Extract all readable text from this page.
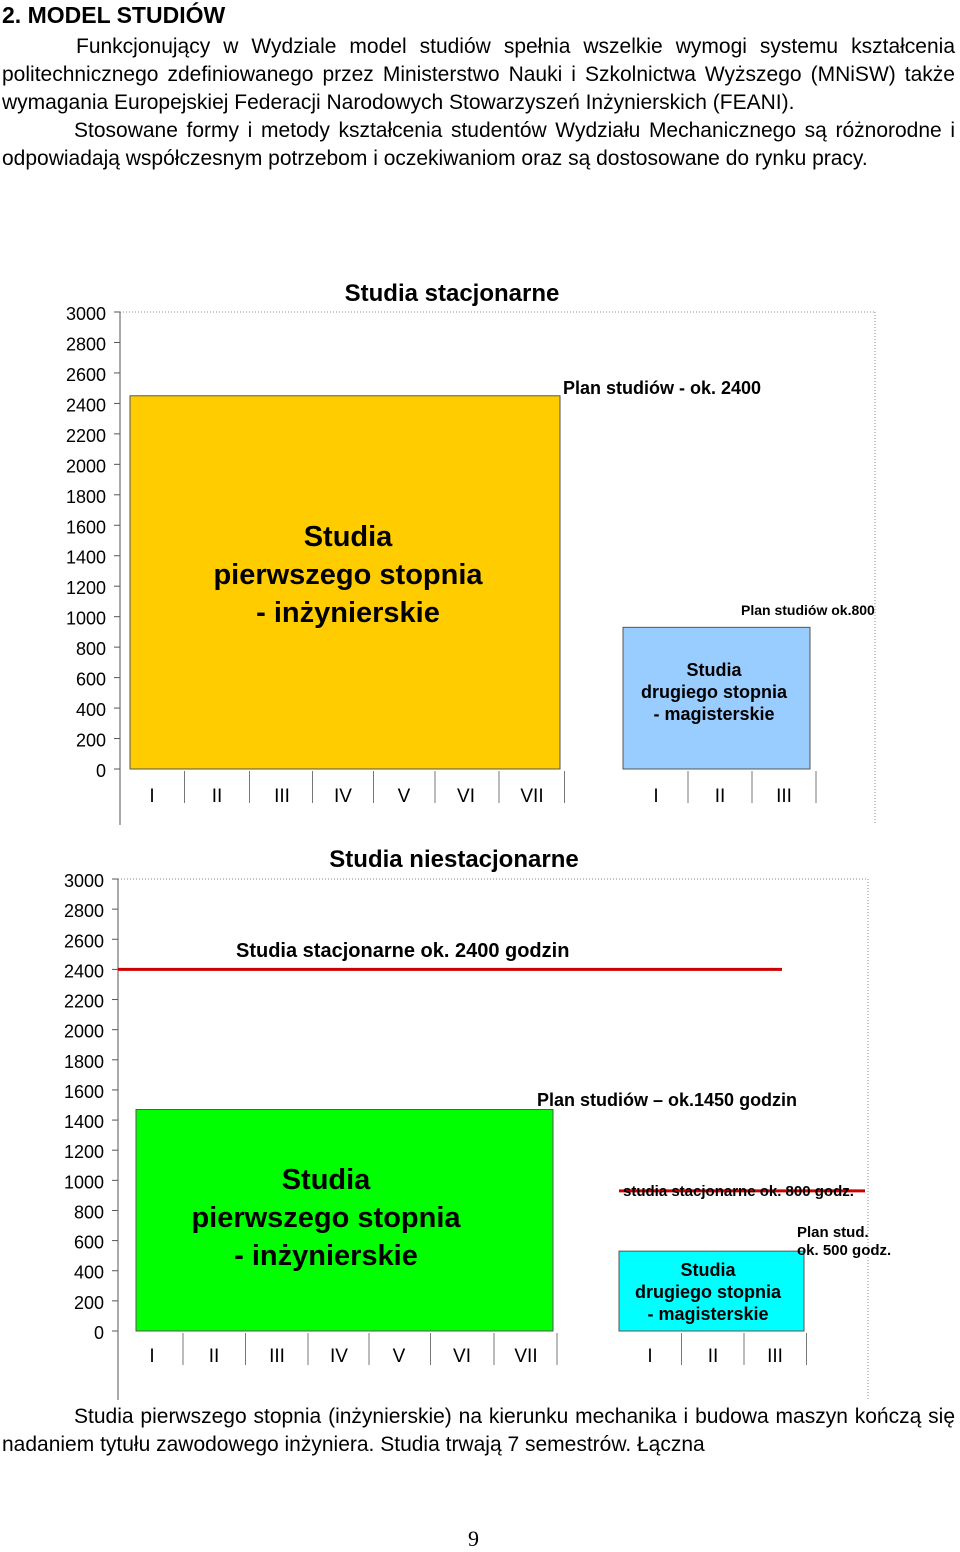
2. MODEL STUDIÓW

Funkcjonujący w Wydziale model studiów spełnia wszelkie wymogi systemu kształcenia politechnicznego zdefiniowanego przez Ministerstwo Nauki i Szkolnictwa Wyższego (MNiSW) także wymagania Europejskiej Federacji Narodowych Stowarzyszeń Inżynierskich (FEANI).

Stosowane formy i metody kształcenia studentów Wydziału Mechanicznego są różnorodne i odpowiadają współczesnym potrzebom i oczekiwaniom oraz są dostosowane do rynku pracy.

Studia stacjonarne
3000
2800
2600
2400
2200
2000
1800
1600
1400
1200
1000
800
600
400
200
0
Studia
pierwszego stopnia
- inżynierskie
I	II	III IV V VI VII
Plan studiów - ok. 2400
Studia
drugiego stopnia
- magisterskie
I	II	III
Plan studiów ok.800
Studia niestacjonarne
3000
2800
2600
2400
2200
2000
1800
1600
1400
1200
1000
800
600
400
200
0
Studia stacjonarne ok. 2400 godzin
studia stacjonarne ok. 800 godz.
Studia
pierwszego stopnia
- inżynierskie
I	II	III IV V	VI VII
Plan studiów – ok.1450 godzin
Studia
drugiego stopnia
- magisterskie
I	II	III
Plan stud.
ok. 500 godz.

Studia pierwszego stopnia (inżynierskie) na kierunku mechanika i budowa maszyn kończą się nadaniem tytułu zawodowego inżyniera. Studia trwają 7 semestrów. Łączna

9
